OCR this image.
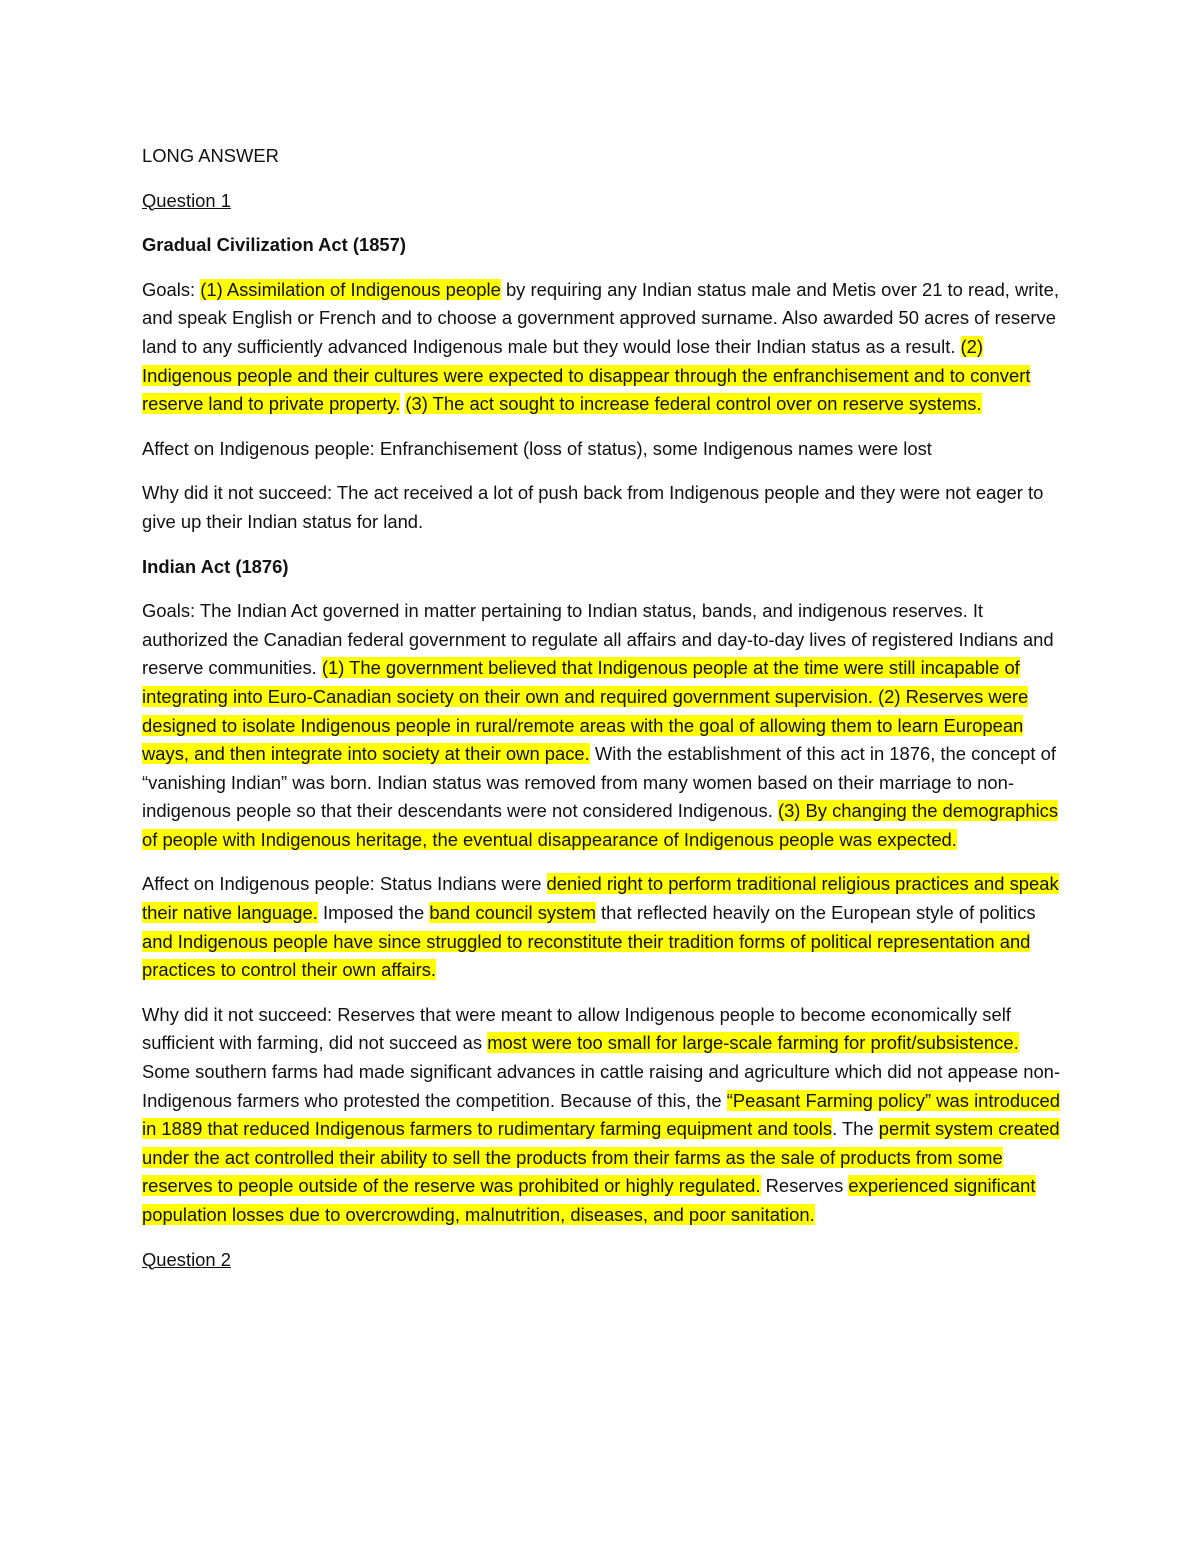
LONG ANSWER

Question 1

Gradual Civilization Act (1857)

Goals: (1) Assimilation of Indigenous people by requiring any Indian status male and Metis over 21 to read, write, and speak English or French and to choose a government approved surname. Also awarded 50 acres of reserve land to any sufficiently advanced Indigenous male but they would lose their Indian status as a result. (2) Indigenous people and their cultures were expected to disappear through the enfranchisement and to convert reserve land to private property. (3) The act sought to increase federal control over on reserve systems.

Affect on Indigenous people: Enfranchisement (loss of status), some Indigenous names were lost

Why did it not succeed: The act received a lot of push back from Indigenous people and they were not eager to give up their Indian status for land.

Indian Act (1876)

Goals: The Indian Act governed in matter pertaining to Indian status, bands, and indigenous reserves. It authorized the Canadian federal government to regulate all affairs and day-to-day lives of registered Indians and reserve communities. (1) The government believed that Indigenous people at the time were still incapable of integrating into Euro-Canadian society on their own and required government supervision. (2) Reserves were designed to isolate Indigenous people in rural/remote areas with the goal of allowing them to learn European ways, and then integrate into society at their own pace. With the establishment of this act in 1876, the concept of “vanishing Indian” was born. Indian status was removed from many women based on their marriage to non-indigenous people so that their descendants were not considered Indigenous. (3) By changing the demographics of people with Indigenous heritage, the eventual disappearance of Indigenous people was expected.

Affect on Indigenous people: Status Indians were denied right to perform traditional religious practices and speak their native language. Imposed the band council system that reflected heavily on the European style of politics and Indigenous people have since struggled to reconstitute their tradition forms of political representation and practices to control their own affairs.

Why did it not succeed: Reserves that were meant to allow Indigenous people to become economically self sufficient with farming, did not succeed as most were too small for large-scale farming for profit/subsistence. Some southern farms had made significant advances in cattle raising and agriculture which did not appease non-Indigenous farmers who protested the competition. Because of this, the “Peasant Farming policy” was introduced in 1889 that reduced Indigenous farmers to rudimentary farming equipment and tools. The permit system created under the act controlled their ability to sell the products from their farms as the sale of products from some reserves to people outside of the reserve was prohibited or highly regulated. Reserves experienced significant population losses due to overcrowding, malnutrition, diseases, and poor sanitation.

Question 2
